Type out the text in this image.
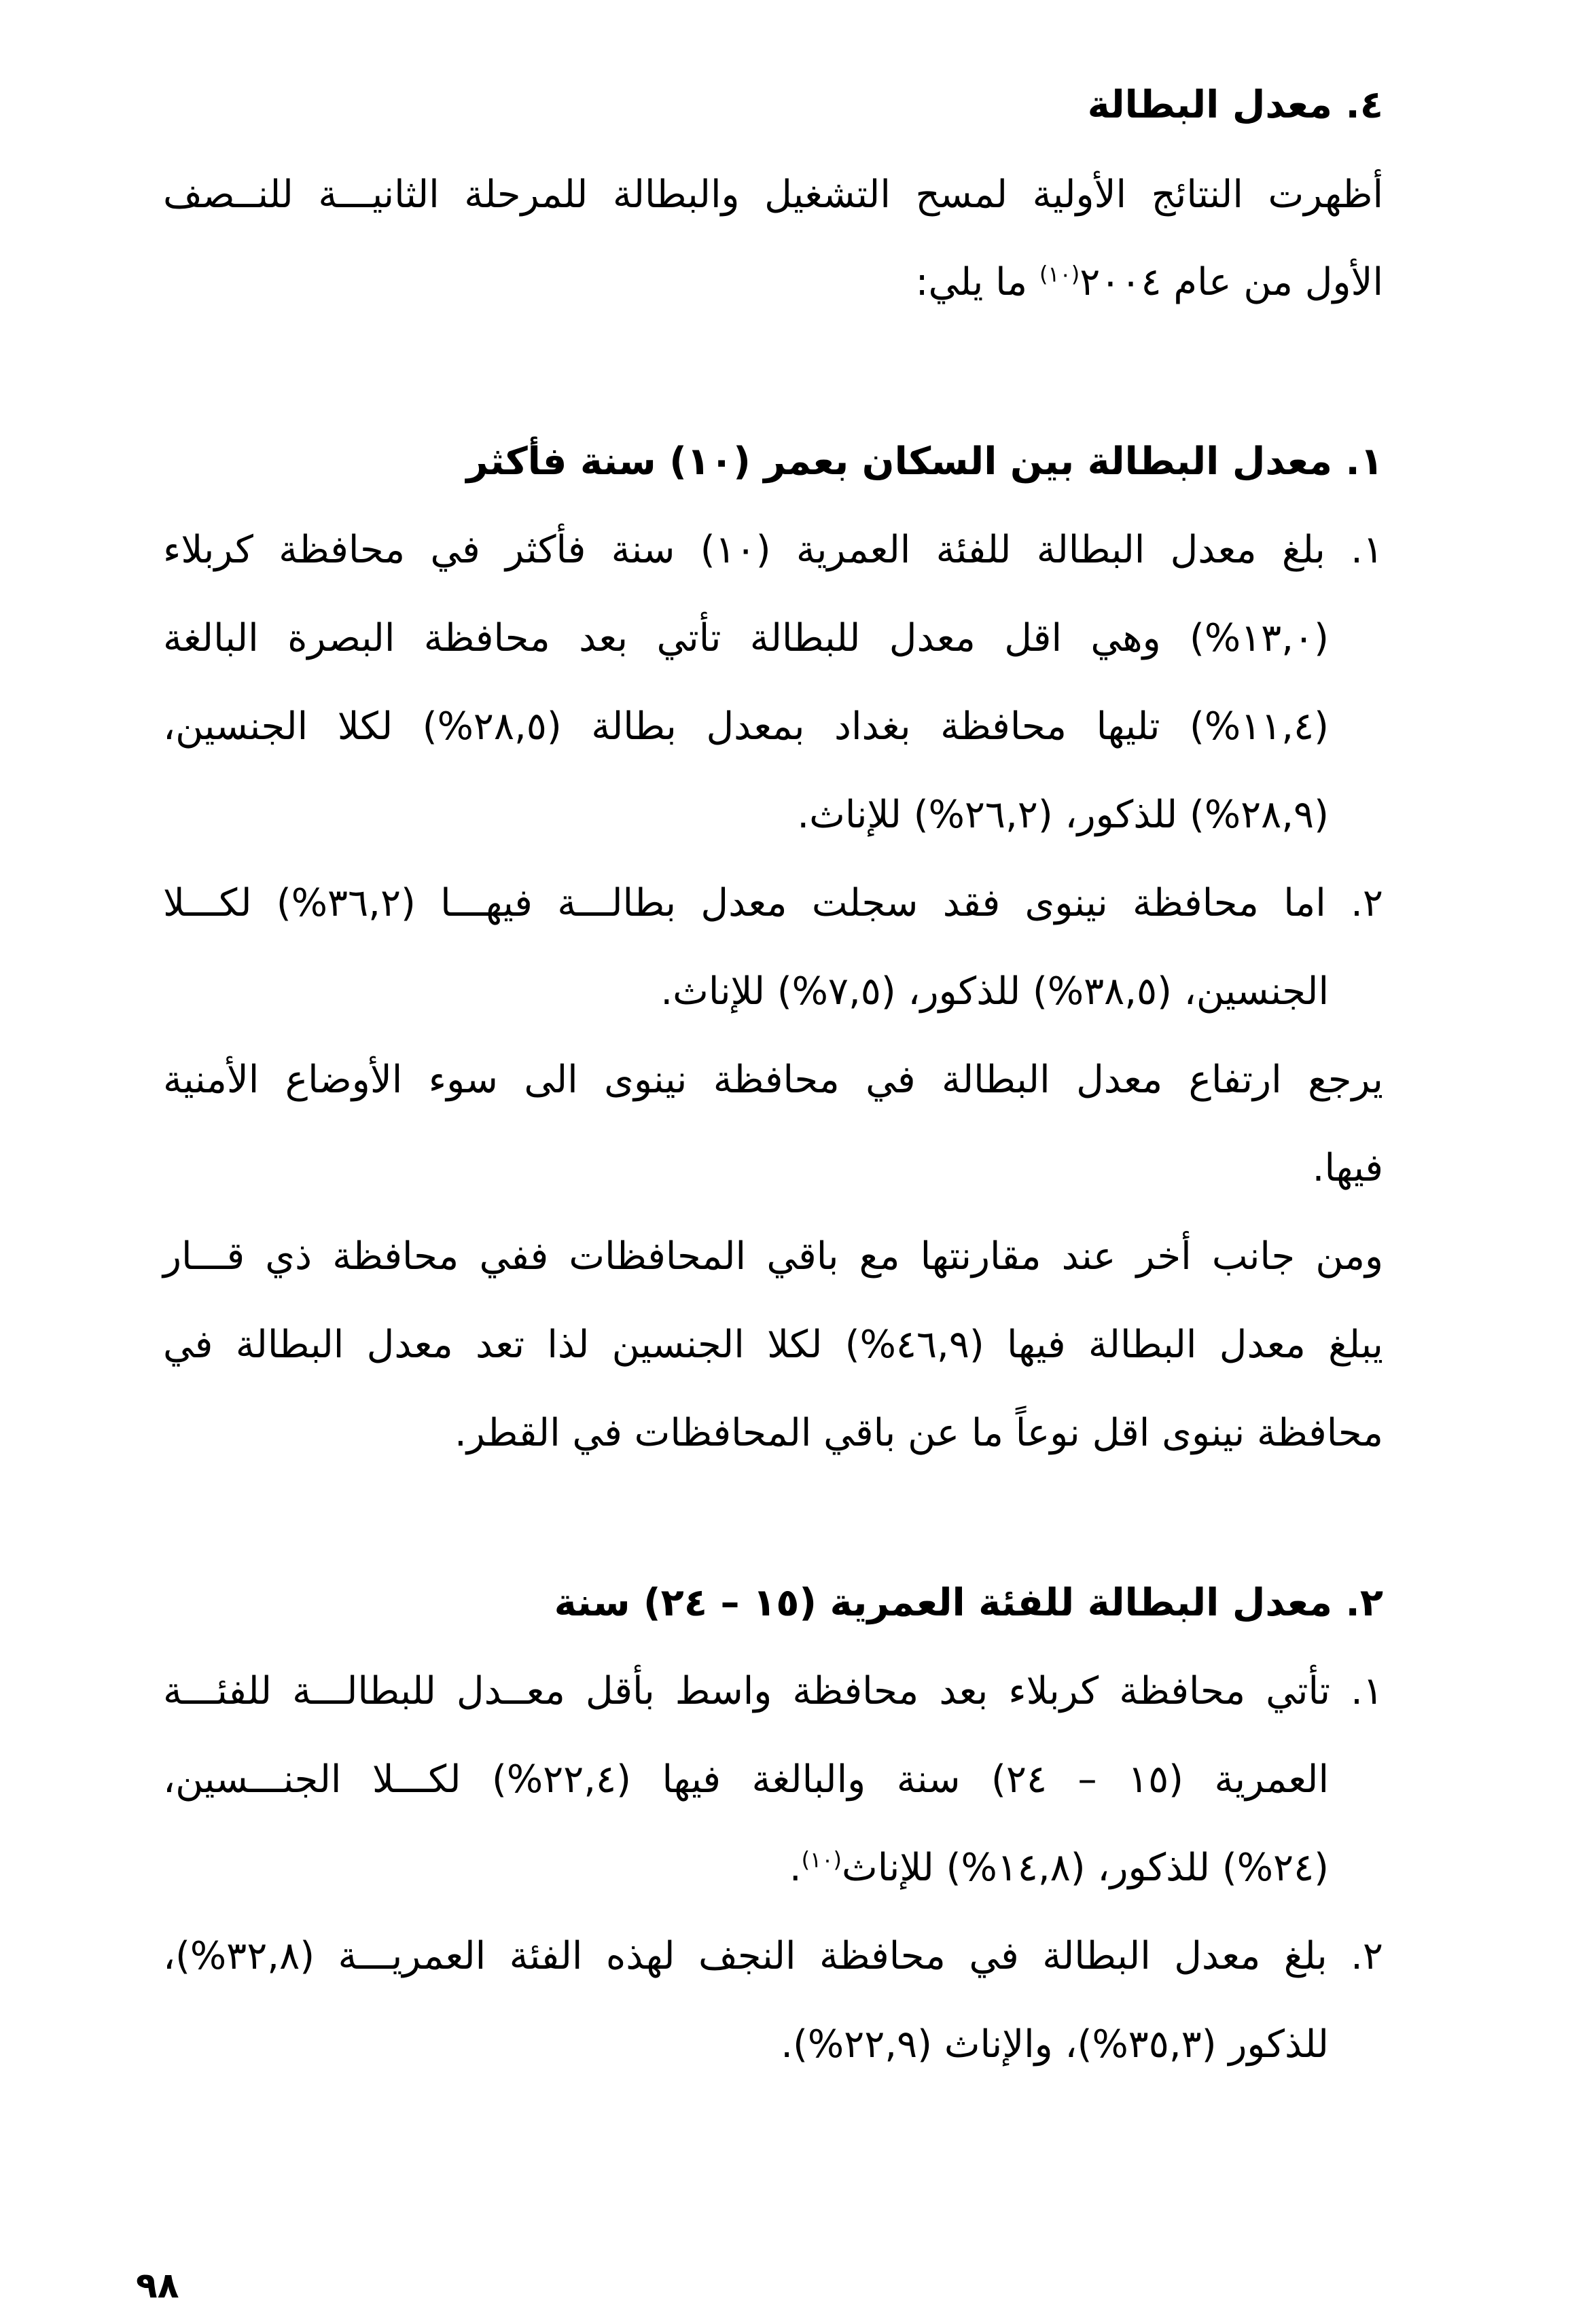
٤. معدل البطالة
أظهرت النتائج الأولية لمسح التشغيل والبطالة للمرحلة الثانيـــة للنــصف
الأول من عام ٢٠٠٤$^{(١٠)}$ ما يلي:
١. معدل البطالة بين السكان بعمر (١٠) سنة فأكثر
١. بلغ معدل البطالة للفئة العمرية (١٠) سنة فأكثر في محافظة كربلاء
(١٣,٠%) وهي اقل معدل للبطالة تأتي بعد محافظة البصرة البالغة
(١١,٤%) تليها محافظة بغداد بمعدل بطالة (٢٨,٥%) لكلا الجنسين،
(٢٨,٩%) للذكور، (٢٦,٢%) للإناث.
٢. اما محافظة نينوى فقد سجلت معدل بطالـــة فيهـــا (٣٦,٢%) لكـــلا
الجنسين، (٣٨,٥%) للذكور، (٧,٥%) للإناث.
يرجع ارتفاع معدل البطالة في محافظة نينوى الى سوء الأوضاع الأمنية
فيها.
ومن جانب أخر عند مقارنتها مع باقي المحافظات ففي محافظة ذي قـــار
يبلغ معدل البطالة فيها (٤٦,٩%) لكلا الجنسين لذا تعد معدل البطالة في
محافظة نينوى اقل نوعاً ما عن باقي المحافظات في القطر.
٢. معدل البطالة للفئة العمرية (١٥ – ٢٤) سنة
١. تأتي محافظة كربلاء بعد محافظة واسط بأقل معــدل للبطالـــة للفئـــة
العمرية (١٥ – ٢٤) سنة والبالغة فيها (٢٢,٤%) لكـــلا الجنـــسين،
(٢٤%) للذكور، (١٤,٨%) للإناث$^{(١٠)}$.
٢. بلغ معدل البطالة في محافظة النجف لهذه الفئة العمريـــة (٣٢,٨%)،
للذكور (٣٥,٣%)، والإناث (٢٢,٩%).
٩٨
